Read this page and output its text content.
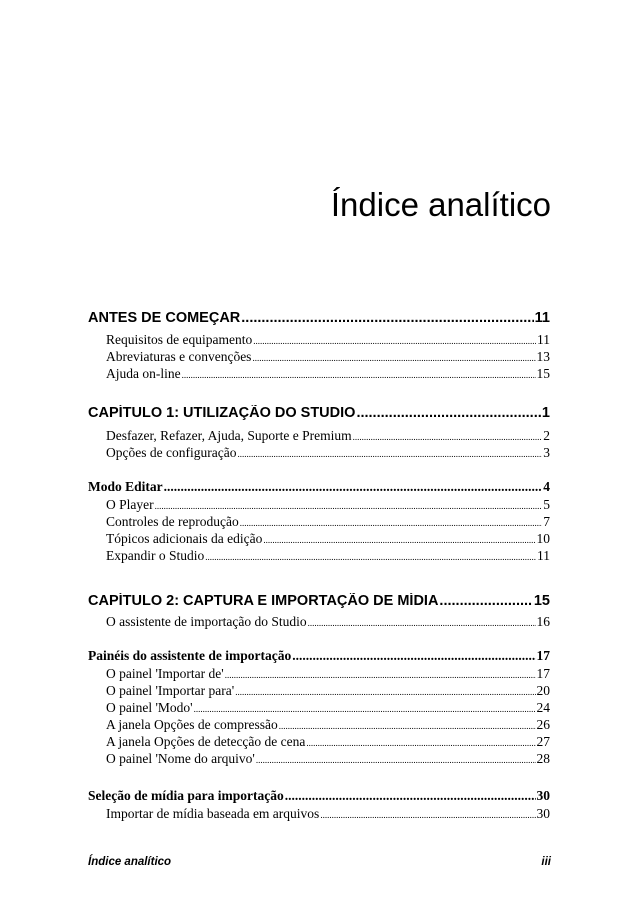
Índice analítico
ANTES DE COMEÇAR .....	11
Requisitos de equipamento .....	11
Abreviaturas e convenções .....	13
Ajuda on-line .....	15
CAPÍTULO 1: UTILIZAÇÃO DO STUDIO .....	1
Desfazer, Refazer, Ajuda, Suporte e Premium .....	2
Opções de configuração .....	3
Modo Editar .....	4
O Player .....	5
Controles de reprodução .....	7
Tópicos adicionais da edição .....	10
Expandir o Studio .....	11
CAPÍTULO 2: CAPTURA E IMPORTAÇÃO DE MÍDIA .....	15
O assistente de importação do Studio .....	16
Painéis do assistente de importação .....	17
O painel 'Importar de' .....	17
O painel 'Importar para' .....	20
O painel 'Modo' .....	24
A janela Opções de compressão .....	26
A janela Opções de detecção de cena .....	27
O painel 'Nome do arquivo' .....	28
Seleção de mídia para importação .....	30
Importar de mídia baseada em arquivos .....	30
Índice analítico	iii
